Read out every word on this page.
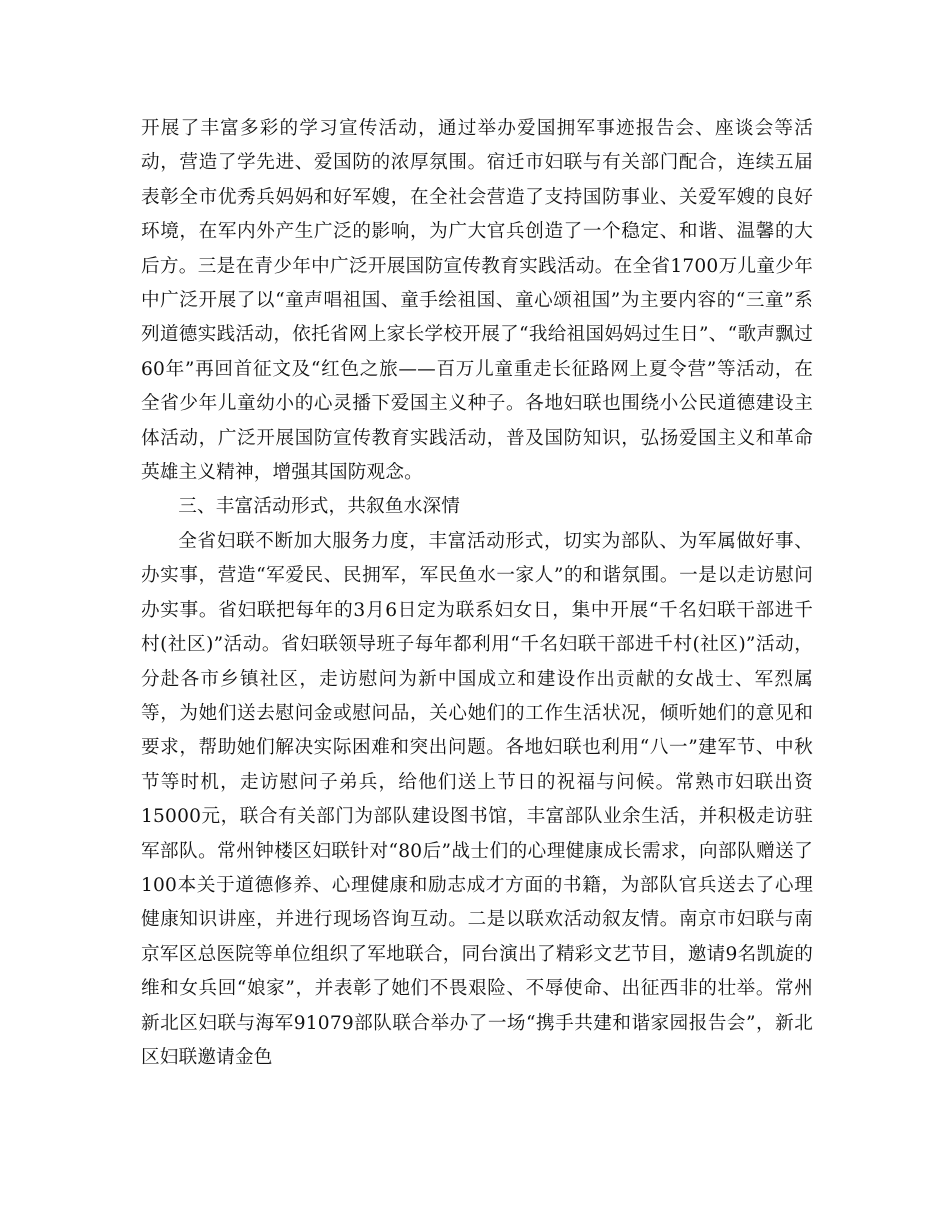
开展了丰富多彩的学习宣传活动，通过举办爱国拥军事迹报告会、座谈会等活动，营造了学先进、爱国防的浓厚氛围。宿迁市妇联与有关部门配合，连续五届表彰全市优秀兵妈妈和好军嫂，在全社会营造了支持国防事业、关爱军嫂的良好环境，在军内外产生广泛的影响，为广大官兵创造了一个稳定、和谐、温馨的大后方。三是在青少年中广泛开展国防宣传教育实践活动。在全省1700万儿童少年中广泛开展了以“童声唱祖国、童手绘祖国、童心颂祖国”为主要内容的“三童”系列道德实践活动，依托省网上家长学校开展了“我给祖国妈妈过生日”、“歌声飘过60年”再回首征文及“红色之旅——百万儿童重走长征路网上夏令营”等活动，在全省少年儿童幼小的心灵播下爱国主义种子。各地妇联也围绕小公民道德建设主体活动，广泛开展国防宣传教育实践活动，普及国防知识，弘扬爱国主义和革命英雄主义精神，增强其国防观念。

三、丰富活动形式，共叙鱼水深情

全省妇联不断加大服务力度，丰富活动形式，切实为部队、为军属做好事、办实事，营造“军爱民、民拥军，军民鱼水一家人”的和谐氛围。一是以走访慰问办实事。省妇联把每年的3月6日定为联系妇女日，集中开展“千名妇联干部进千村(社区)”活动。省妇联领导班子每年都利用“千名妇联干部进千村(社区)”活动，分赴各市乡镇社区，走访慰问为新中国成立和建设作出贡献的女战士、军烈属等，为她们送去慰问金或慰问品，关心她们的工作生活状况，倾听她们的意见和要求，帮助她们解决实际困难和突出问题。各地妇联也利用“八一”建军节、中秋节等时机，走访慰问子弟兵，给他们送上节日的祝福与问候。常熟市妇联出资15000元，联合有关部门为部队建设图书馆，丰富部队业余生活，并积极走访驻军部队。常州钟楼区妇联针对“80后”战士们的心理健康成长需求，向部队赠送了100本关于道德修养、心理健康和励志成才方面的书籍，为部队官兵送去了心理健康知识讲座，并进行现场咨询互动。二是以联欢活动叙友情。南京市妇联与南京军区总医院等单位组织了军地联合，同台演出了精彩文艺节目，邀请9名凯旋的维和女兵回“娘家”，并表彰了她们不畏艰险、不辱使命、出征西非的壮举。常州新北区妇联与海军91079部队联合举办了一场“携手共建和谐家园报告会”，新北区妇联邀请金色
